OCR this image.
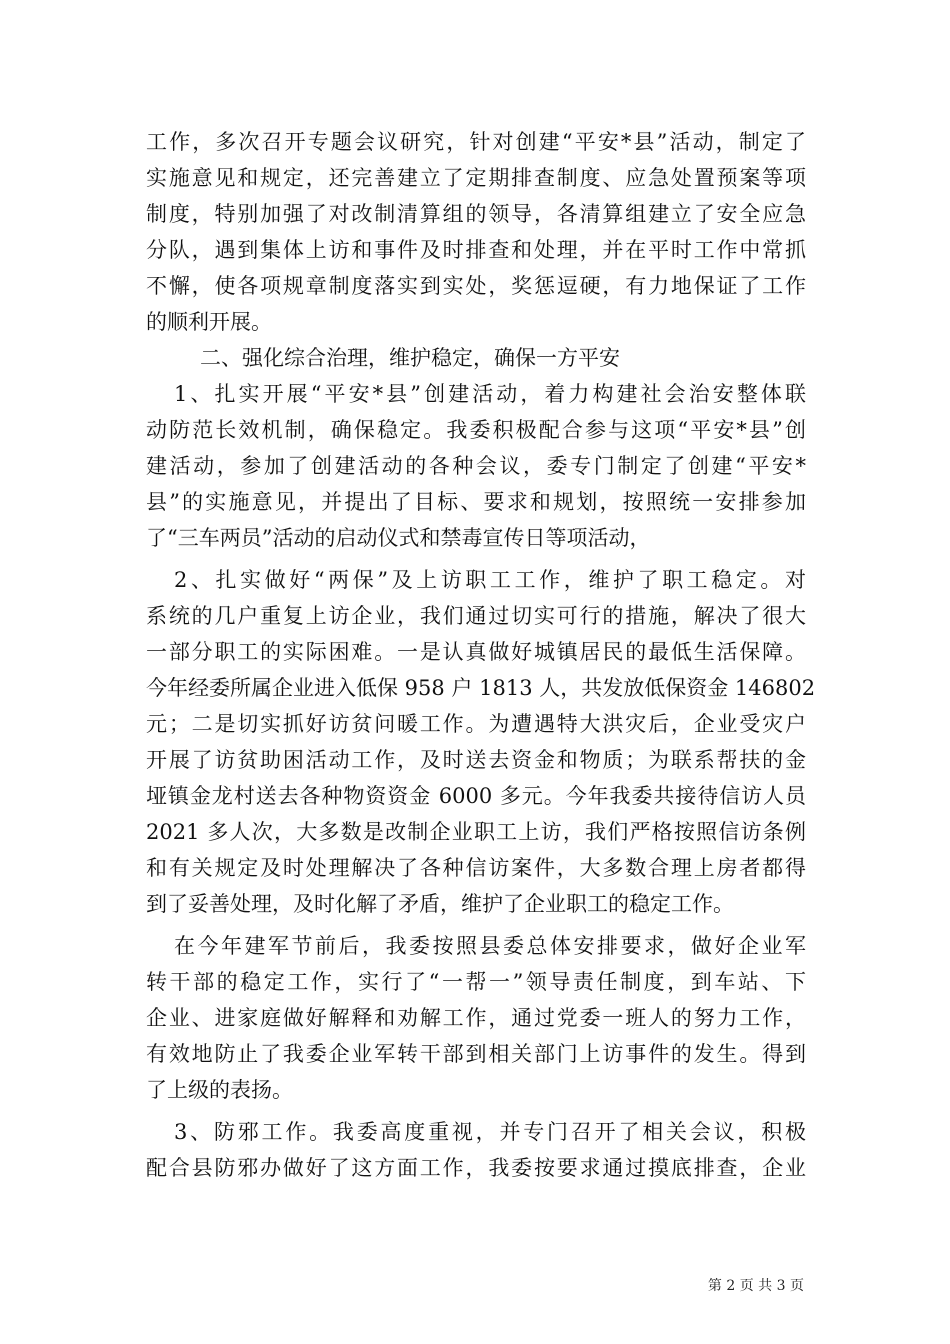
工作，多次召开专题会议研究，针对创建“平安*县”活动，制定了
实施意见和规定，还完善建立了定期排查制度、应急处置预案等项
制度，特别加强了对改制清算组的领导，各清算组建立了安全应急
分队，遇到集体上访和事件及时排查和处理，并在平时工作中常抓
不懈，使各项规章制度落实到实处，奖惩逗硬，有力地保证了工作
的顺利开展。
二、强化综合治理，维护稳定，确保一方平安
1、扎实开展“平安*县”创建活动，着力构建社会治安整体联
动防范长效机制，确保稳定。我委积极配合参与这项“平安*县”创
建活动，参加了创建活动的各种会议，委专门制定了创建“平安*
县”的实施意见，并提出了目标、要求和规划，按照统一安排参加
了“三车两员”活动的启动仪式和禁毒宣传日等项活动，
2、扎实做好“两保”及上访职工工作，维护了职工稳定。对
系统的几户重复上访企业，我们通过切实可行的措施，解决了很大
一部分职工的实际困难。一是认真做好城镇居民的最低生活保障。
今年经委所属企业进入低保 958 户 1813 人，共发放低保资金 146802
元；二是切实抓好访贫问暖工作。为遭遇特大洪灾后，企业受灾户
开展了访贫助困活动工作，及时送去资金和物质；为联系帮扶的金
垭镇金龙村送去各种物资资金 6000 多元。今年我委共接待信访人员
2021 多人次，大多数是改制企业职工上访，我们严格按照信访条例
和有关规定及时处理解决了各种信访案件，大多数合理上房者都得
到了妥善处理，及时化解了矛盾，维护了企业职工的稳定工作。
在今年建军节前后，我委按照县委总体安排要求，做好企业军
转干部的稳定工作，实行了“一帮一”领导责任制度，到车站、下
企业、进家庭做好解释和劝解工作，通过党委一班人的努力工作，
有效地防止了我委企业军转干部到相关部门上访事件的发生。得到
了上级的表扬。
3、防邪工作。我委高度重视，并专门召开了相关会议，积极
配合县防邪办做好了这方面工作，我委按要求通过摸底排查，企业
第 2 页 共 3 页
